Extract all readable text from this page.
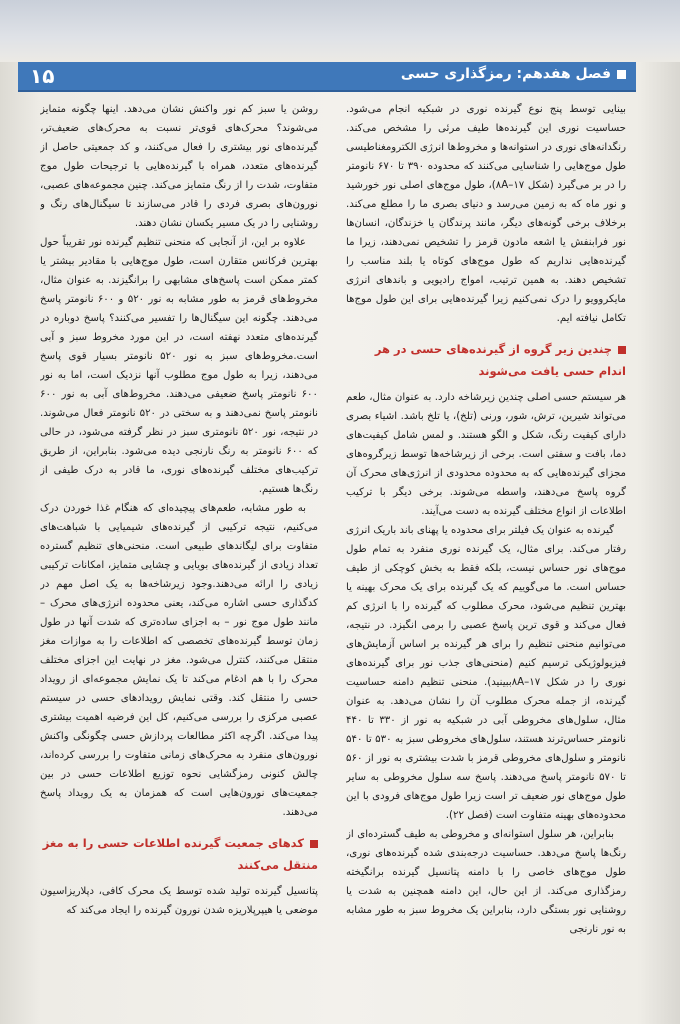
فصل هفدهم: رمزگذاری حسی
۱۵

بینایی توسط پنج نوع گیرنده نوری در شبکیه انجام می‌شود. حساسیت نوری این گیرنده‌ها طیف مرئی را مشخص می‌کند. رنگدانه‌های نوری در استوانه‌ها و مخروط‌ها انرژی الکترومغناطیسی طول موج‌هایی را شناسایی می‌کنند که محدوده ۳۹۰ تا ۶۷۰ نانومتر را در بر می‌گیرد (شکل ۸A–۱۷)، طول موج‌های اصلی نور خورشید و نور ماه که به زمین می‌رسد و دنیای بصری ما را مطلع می‌کند. برخلاف برخی گونه‌های دیگر، مانند پرندگان یا خزندگان، انسان‌ها نور فرابنفش یا اشعه مادون قرمز را تشخیص نمی‌دهند، زیرا ما گیرنده‌هایی نداریم که طول موج‌های کوتاه یا بلند مناسب را تشخیص دهند. به همین ترتیب، امواج رادیویی و باندهای انرژی مایکروویو را درک نمی‌کنیم زیرا گیرنده‌هایی برای این طول موج‌ها تکامل نیافته ایم.

چندین زیر گروه از گیرنده‌های حسی در هر اندام حسی یافت می‌شوند

هر سیستم حسی اصلی چندین زیرشاخه دارد. به عنوان مثال، طعم می‌تواند شیرین، ترش، شور، ورنی (تلخ)، یا تلخ باشد. اشیاء بصری دارای کیفیت رنگ، شکل و الگو هستند. و لمس شامل کیفیت‌های دما، بافت و سفتی است. برخی از زیرشاخه‌ها توسط زیرگروه‌های مجزای گیرنده‌هایی که به محدوده محدودی از انرژی‌های محرک آن گروه پاسخ می‌دهند، واسطه می‌شوند. برخی دیگر با ترکیب اطلاعات از انواع مختلف گیرنده به دست می‌آیند.

گیرنده به عنوان یک فیلتر برای محدوده یا پهنای باند باریک انرژی رفتار می‌کند. برای مثال، یک گیرنده نوری منفرد به تمام طول موج‌های نور حساس نیست، بلکه فقط به بخش کوچکی از طیف حساس است. ما می‌گوییم که یک گیرنده برای یک محرک بهینه یا بهترین تنظیم می‌شود، محرک مطلوب که گیرنده را با انرژی کم فعال می‌کند و قوی ترین پاسخ عصبی را برمی انگیزد. در نتیجه، می‌توانیم منحنی تنظیم را برای هر گیرنده بر اساس آزمایش‌های فیزیولوژیکی ترسیم کنیم (منحنی‌های جذب نور برای گیرنده‌های نوری را در شکل ۸A–۱۷ببینید). منحنی تنظیم دامنه حساسیت گیرنده، از جمله محرک مطلوب آن را نشان می‌دهد. به عنوان مثال، سلول‌های مخروطی آبی در شبکیه به نور از ۳۳۰ تا ۴۴۰ نانومتر حساس‌ترند هستند، سلول‌های مخروطی سبز به ۵۳۰ تا ۵۴۰ نانومتر و سلول‌های مخروطی قرمز با شدت بیشتری به نور از ۵۶۰ تا ۵۷۰ نانومتر پاسخ می‌دهند. پاسخ سه سلول مخروطی به سایر طول موج‌های نور ضعیف تر است زیرا طول موج‌های فرودی با این محدوده‌های بهینه متفاوت است (فصل ۲۲).

بنابراین، هر سلول استوانه‌ای و مخروطی به طیف گسترده‌ای از رنگ‌ها پاسخ می‌دهد. حساسیت درجه‌بندی شده گیرنده‌های نوری، طول موج‌های خاصی را با دامنه پتانسیل گیرنده برانگیخته رمزگذاری می‌کند. از این حال، این دامنه همچنین به شدت یا روشنایی نور بستگی دارد، بنابراین یک مخروط سبز به طور مشابه به نور نارنجی

روشن یا سبز کم نور واکنش نشان می‌دهد. اینها چگونه متمایز می‌شوند؟ محرک‌های قوی‌تر نسبت به محرک‌های ضعیف‌تر، گیرنده‌های نور بیشتری را فعال می‌کنند، و کد جمعیتی حاصل از گیرنده‌های متعدد، همراه با گیرنده‌هایی با ترجیحات طول موج متفاوت، شدت را از رنگ متمایز می‌کند. چنین مجموعه‌های عصبی، نورون‌های بصری فردی را قادر می‌سازند تا سیگنال‌های رنگ و روشنایی را در یک مسیر یکسان نشان دهند.

علاوه بر این، از آنجایی که منحنی تنظیم گیرنده نور تقریباً حول بهترین فرکانس متقارن است، طول موج‌هایی با مقادیر بیشتر یا کمتر ممکن است پاسخ‌های مشابهی را برانگیزند. به عنوان مثال، مخروط‌های قرمز به طور مشابه به نور ۵۲۰ و ۶۰۰ نانومتر پاسخ می‌دهند. چگونه این سیگنال‌ها را تفسیر می‌کنند؟ پاسخ دوباره در گیرنده‌های متعدد نهفته است، در این مورد مخروط سبز و آبی است.مخروط‌های سبز به نور ۵۲۰ نانومتر بسیار قوی پاسخ می‌دهند، زیرا به طول موج مطلوب آنها نزدیک است، اما به نور ۶۰۰ نانومتر پاسخ ضعیفی می‌دهند. مخروط‌های آبی به نور ۶۰۰ نانومتر پاسخ نمی‌دهند و به سختی در ۵۲۰ نانومتر فعال می‌شوند. در نتیجه، نور ۵۲۰ نانومتری سبز در نظر گرفته می‌شود، در حالی که ۶۰۰ نانومتر به رنگ نارنجی دیده می‌شود. بنابراین، از طریق ترکیب‌های مختلف گیرنده‌های نوری، ما قادر به درک طیفی از رنگ‌ها هستیم.

به طور مشابه، طعم‌های پیچیده‌ای که هنگام غذا خوردن درک می‌کنیم، نتیجه ترکیبی از گیرنده‌های شیمیایی با شباهت‌های متفاوت برای لیگاندهای طبیعی است. منحنی‌های تنظیم گسترده تعداد زیادی از گیرنده‌های بویایی و چشایی متمایز، امکانات ترکیبی زیادی را ارائه می‌دهند.وجود زیرشاخه‌ها به یک اصل مهم در کدگذاری حسی اشاره می‌کند، یعنی محدوده انرژی‌های محرک – مانند طول موج نور – به اجزای ساده‌تری که شدت آنها در طول زمان توسط گیرنده‌های تخصصی که اطلاعات را به موازات مغز منتقل می‌کنند، کنترل می‌شود. مغز در نهایت این اجزای مختلف محرک را با هم ادغام می‌کند تا یک نمایش مجموعه‌ای از رویداد حسی را منتقل کند. وقتی نمایش رویدادهای حسی در سیستم عصبی مرکزی را بررسی می‌کنیم، کل این فرضیه اهمیت بیشتری پیدا می‌کند. اگرچه اکثر مطالعات پردازش حسی چگونگی واکنش نورون‌های منفرد به محرک‌های زمانی متفاوت را بررسی کرده‌اند، چالش کنونی رمزگشایی نحوه توزیع اطلاعات حسی در بین جمعیت‌های نورون‌هایی است که همزمان به یک رویداد پاسخ می‌دهند.

کدهای جمعیت گیرنده اطلاعات حسی را به مغز منتقل می‌کنند

پتانسیل گیرنده تولید شده توسط یک محرک کافی، دپلاریزاسیون موضعی یا هیپرپلاریزه شدن نورون گیرنده را ایجاد می‌کند که
